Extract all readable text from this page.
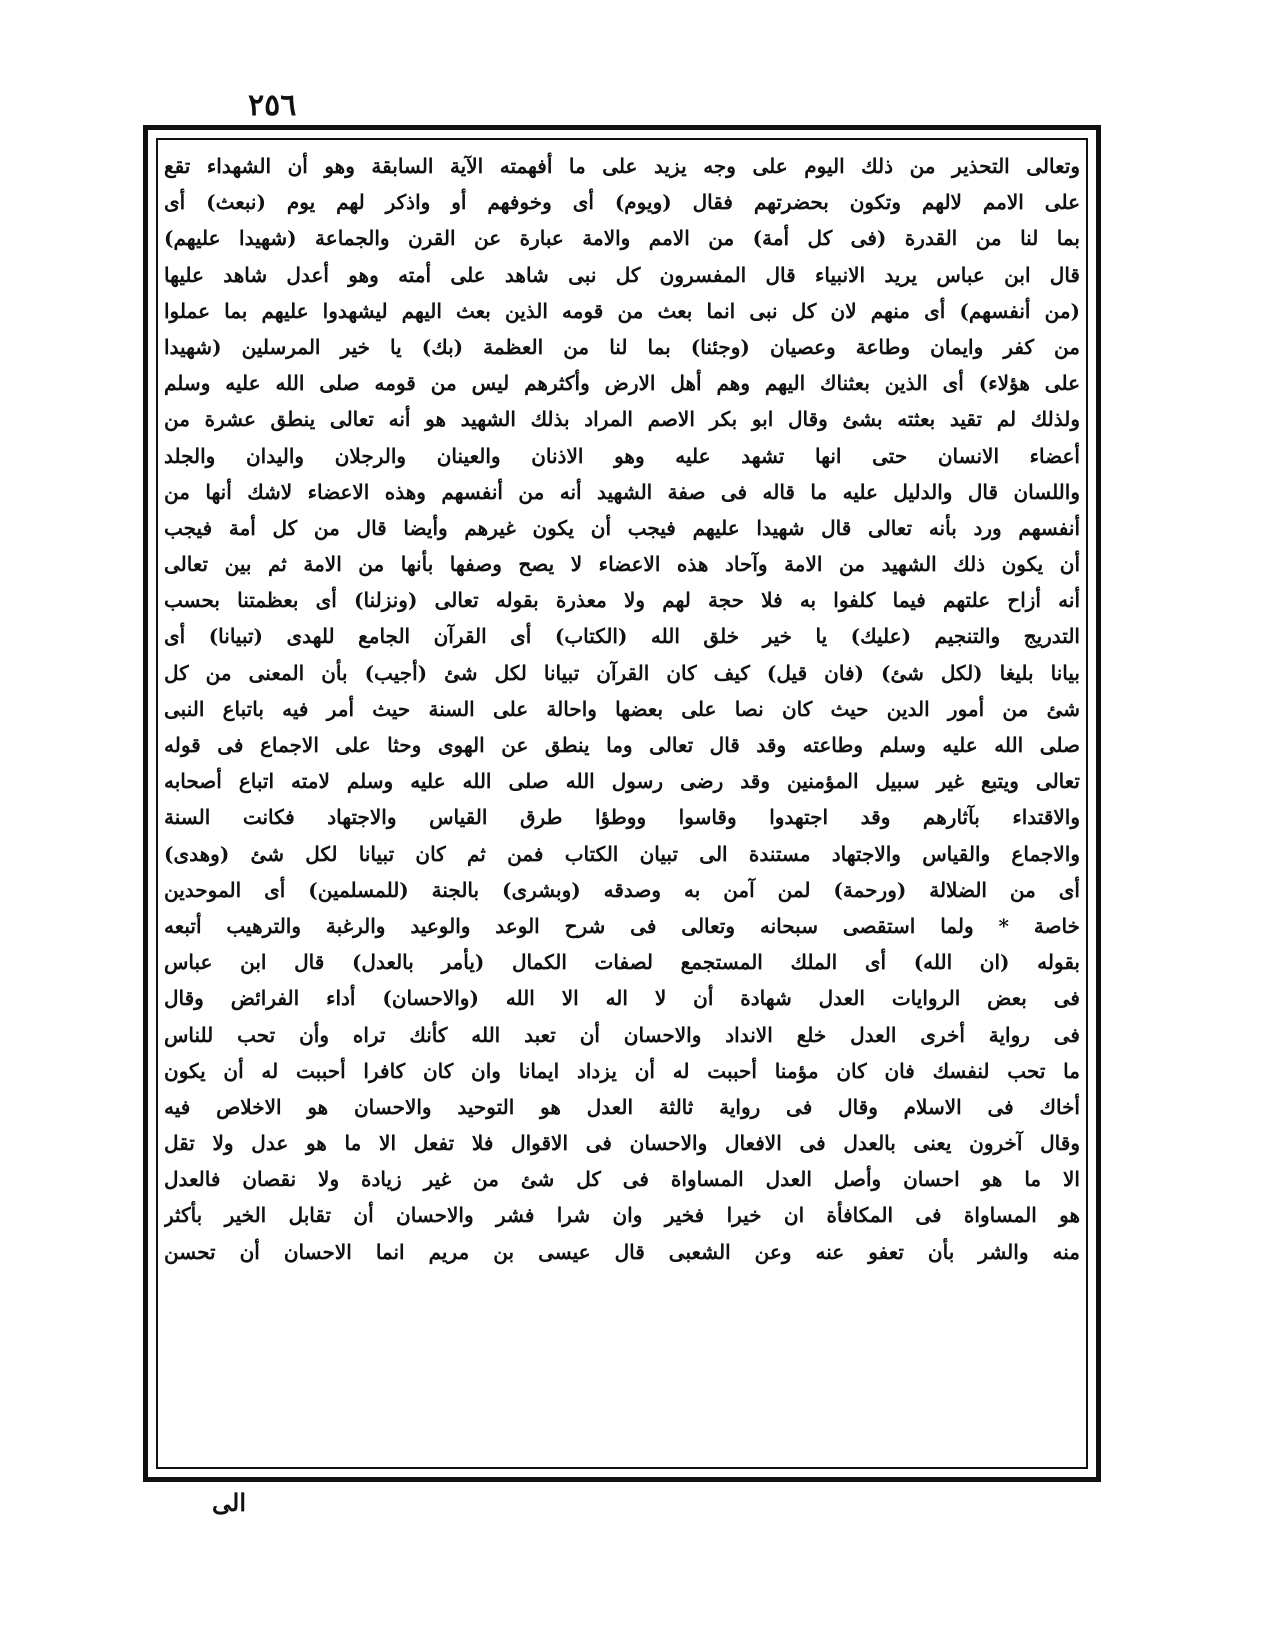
٢٥٦
وتعالى التحذير من ذلك اليوم على وجه يزيد على ما أفهمته الآية السابقة وهو أن الشهداء تقع
على الامم لالهم وتكون بحضرتهم فقال (ويوم) أى وخوفهم أو واذكر لهم يوم (نبعث) أى
بما لنا من القدرة (فى كل أمة) من الامم والامة عبارة عن القرن والجماعة (شهيدا عليهم)
قال ابن عباس يريد الانبياء قال المفسرون كل نبى شاهد على أمته وهو أعدل شاهد عليها
(من أنفسهم) أى منهم لان كل نبى انما بعث من قومه الذين بعث اليهم ليشهدوا عليهم بما عملوا
من كفر وايمان وطاعة وعصيان (وجئنا) بما لنا من العظمة (بك) يا خير المرسلين (شهيدا
على هؤلاء) أى الذين بعثناك اليهم وهم أهل الارض وأكثرهم ليس من قومه صلى الله عليه وسلم
ولذلك لم تقيد بعثته بشئ وقال ابو بكر الاصم المراد بذلك الشهيد هو أنه تعالى ينطق عشرة من
أعضاء الانسان حتى انها تشهد عليه وهو الاذنان والعينان والرجلان واليدان والجلد
واللسان قال والدليل عليه ما قاله فى صفة الشهيد أنه من أنفسهم وهذه الاعضاء لاشك أنها من
أنفسهم ورد بأنه تعالى قال شهيدا عليهم فيجب أن يكون غيرهم وأيضا قال من كل أمة فيجب
أن يكون ذلك الشهيد من الامة وآحاد هذه الاعضاء لا يصح وصفها بأنها من الامة ثم بين تعالى
أنه أزاح علتهم فيما كلفوا به فلا حجة لهم ولا معذرة بقوله تعالى (ونزلنا) أى بعظمتنا بحسب
التدريج والتنجيم (عليك) يا خير خلق الله (الكتاب) أى القرآن الجامع للهدى (تبيانا) أى
بيانا بليغا (لكل شئ) (فان قيل) كيف كان القرآن تبيانا لكل شئ (أجيب) بأن المعنى من كل
شئ من أمور الدين حيث كان نصا على بعضها واحالة على السنة حيث أمر فيه باتباع النبى
صلى الله عليه وسلم وطاعته وقد قال تعالى وما ينطق عن الهوى وحثا على الاجماع فى قوله
تعالى ويتبع غير سبيل المؤمنين وقد رضى رسول الله صلى الله عليه وسلم لامته اتباع أصحابه
والاقتداء بآثارهم وقد اجتهدوا وقاسوا ووطؤا طرق القياس والاجتهاد فكانت السنة
والاجماع والقياس والاجتهاد مستندة الى تبيان الكتاب فمن ثم كان تبيانا لكل شئ (وهدى)
أى من الضلالة (ورحمة) لمن آمن به وصدقه (وبشرى) بالجنة (للمسلمين) أى الموحدين
خاصة * ولما استقصى سبحانه وتعالى فى شرح الوعد والوعيد والرغبة والترهيب أتبعه
بقوله (ان الله) أى الملك المستجمع لصفات الكمال (يأمر بالعدل) قال ابن عباس
فى بعض الروايات العدل شهادة أن لا اله الا الله (والاحسان) أداء الفرائض وقال
فى رواية أخرى العدل خلع الانداد والاحسان أن تعبد الله كأنك تراه وأن تحب للناس
ما تحب لنفسك فان كان مؤمنا أحببت له أن يزداد ايمانا وان كان كافرا أحببت له أن يكون
أخاك فى الاسلام وقال فى رواية ثالثة العدل هو التوحيد والاحسان هو الاخلاص فيه
وقال آخرون يعنى بالعدل فى الافعال والاحسان فى الاقوال فلا تفعل الا ما هو عدل ولا تقل
الا ما هو احسان وأصل العدل المساواة فى كل شئ من غير زيادة ولا نقصان فالعدل
هو المساواة فى المكافأة ان خيرا فخير وان شرا فشر والاحسان أن تقابل الخير بأكثر
منه والشر بأن تعفو عنه وعن الشعبى قال عيسى بن مريم انما الاحسان أن تحسن
الى
